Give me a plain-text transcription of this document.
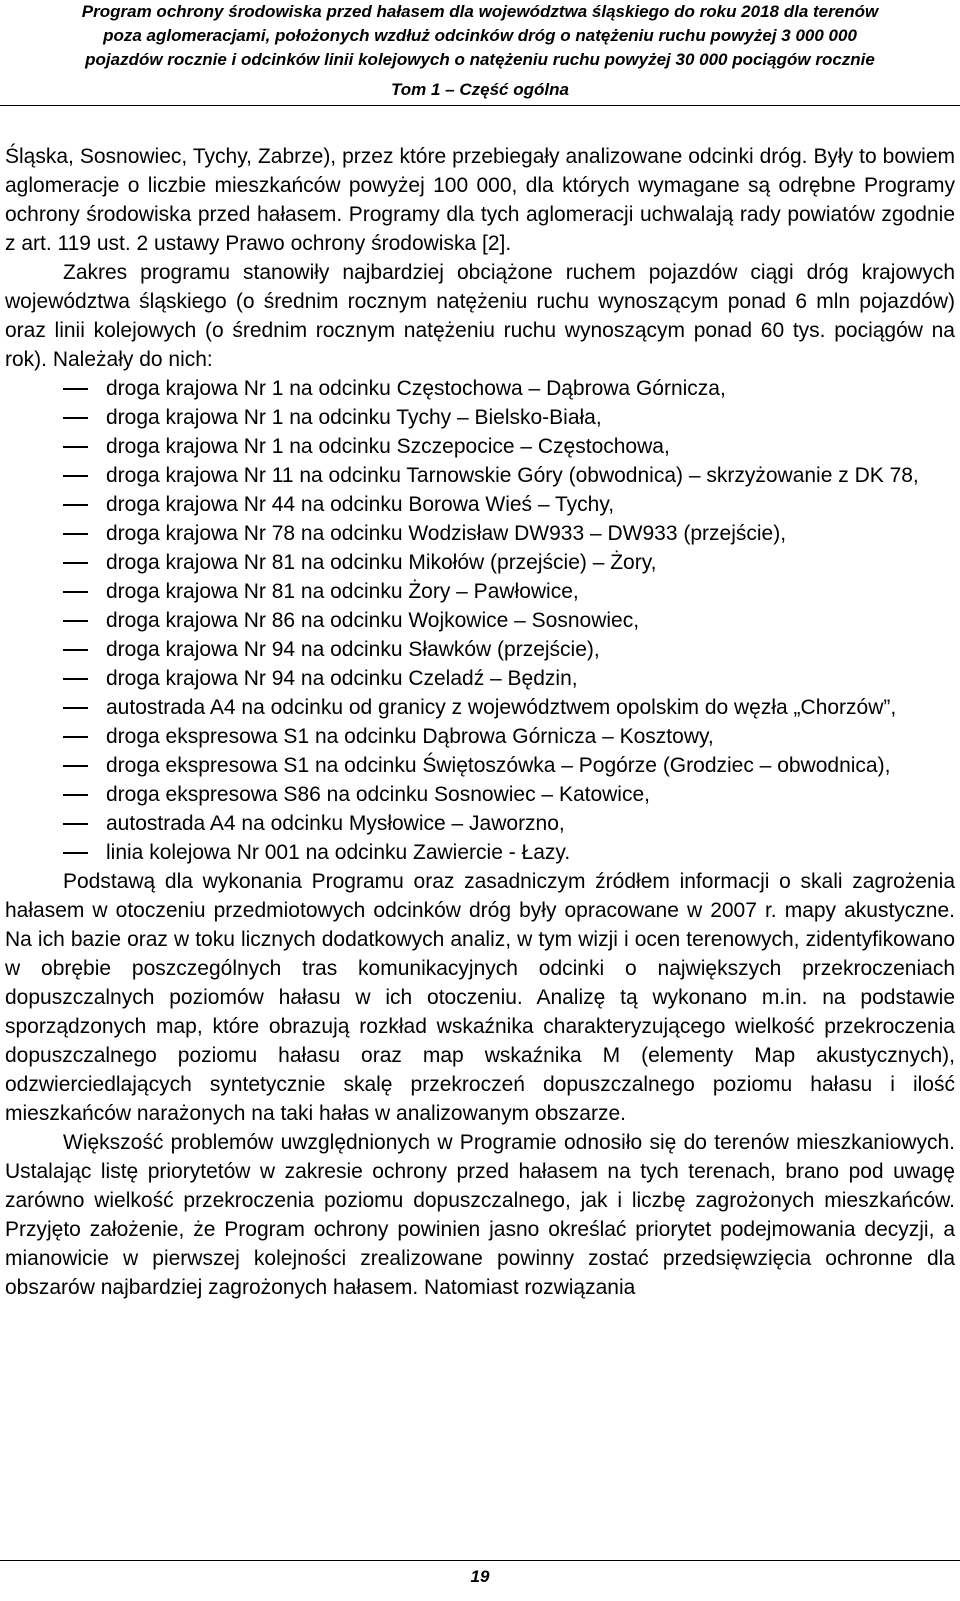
Program ochrony środowiska przed hałasem dla województwa śląskiego do roku 2018 dla terenów
poza aglomeracjami, położonych wzdłuż odcinków dróg o natężeniu ruchu powyżej 3 000 000
pojazdów rocznie i odcinków linii kolejowych o natężeniu ruchu powyżej 30 000 pociągów rocznie
Tom 1 – Część ogólna

Śląska, Sosnowiec, Tychy, Zabrze), przez które przebiegały analizowane odcinki dróg. Były to bowiem aglomeracje o liczbie mieszkańców powyżej 100 000, dla których wymagane są odrębne Programy ochrony środowiska przed hałasem. Programy dla tych aglomeracji uchwalają rady powiatów zgodnie z art. 119 ust. 2 ustawy Prawo ochrony środowiska [2].

Zakres programu stanowiły najbardziej obciążone ruchem pojazdów ciągi dróg krajowych województwa śląskiego (o średnim rocznym natężeniu ruchu wynoszącym ponad 6 mln pojazdów) oraz linii kolejowych (o średnim rocznym natężeniu ruchu wynoszącym ponad 60 tys. pociągów na rok). Należały do nich:

droga krajowa Nr 1 na odcinku Częstochowa – Dąbrowa Górnicza,
droga krajowa Nr 1 na odcinku Tychy – Bielsko-Biała,
droga krajowa Nr 1 na odcinku Szczepocice – Częstochowa,
droga krajowa Nr 11 na odcinku Tarnowskie Góry (obwodnica) – skrzyżowanie z DK 78,
droga krajowa Nr 44 na odcinku Borowa Wieś – Tychy,
droga krajowa Nr 78 na odcinku Wodzisław DW933 – DW933 (przejście),
droga krajowa Nr 81 na odcinku Mikołów (przejście) – Żory,
droga krajowa Nr 81 na odcinku Żory – Pawłowice,
droga krajowa Nr 86 na odcinku Wojkowice – Sosnowiec,
droga krajowa Nr 94 na odcinku Sławków (przejście),
droga krajowa Nr 94 na odcinku Czeladź – Będzin,
autostrada A4 na odcinku od granicy z województwem opolskim do węzła „Chorzów”,
droga ekspresowa S1 na odcinku Dąbrowa Górnicza – Kosztowy,
droga ekspresowa S1 na odcinku Świętoszówka – Pogórze (Grodziec – obwodnica),
droga ekspresowa S86 na odcinku Sosnowiec – Katowice,
autostrada A4 na odcinku Mysłowice – Jaworzno,
linia kolejowa Nr 001 na odcinku Zawiercie - Łazy.

Podstawą dla wykonania Programu oraz zasadniczym źródłem informacji o skali zagrożenia hałasem w otoczeniu przedmiotowych odcinków dróg były opracowane w 2007 r. mapy akustyczne. Na ich bazie oraz w toku licznych dodatkowych analiz, w tym wizji i ocen terenowych, zidentyfikowano w obrębie poszczególnych tras komunikacyjnych odcinki o największych przekroczeniach dopuszczalnych poziomów hałasu w ich otoczeniu. Analizę tą wykonano m.in. na podstawie sporządzonych map, które obrazują rozkład wskaźnika charakteryzującego wielkość przekroczenia dopuszczalnego poziomu hałasu oraz map wskaźnika M (elementy Map akustycznych), odzwierciedlających syntetycznie skalę przekroczeń dopuszczalnego poziomu hałasu i ilość mieszkańców narażonych na taki hałas w analizowanym obszarze.

Większość problemów uwzględnionych w Programie odnosiło się do terenów mieszkaniowych. Ustalając listę priorytetów w zakresie ochrony przed hałasem na tych terenach, brano pod uwagę zarówno wielkość przekroczenia poziomu dopuszczalnego, jak i liczbę zagrożonych mieszkańców. Przyjęto założenie, że Program ochrony powinien jasno określać priorytet podejmowania decyzji, a mianowicie w pierwszej kolejności zrealizowane powinny zostać przedsięwzięcia ochronne dla obszarów najbardziej zagrożonych hałasem. Natomiast rozwiązania

19
